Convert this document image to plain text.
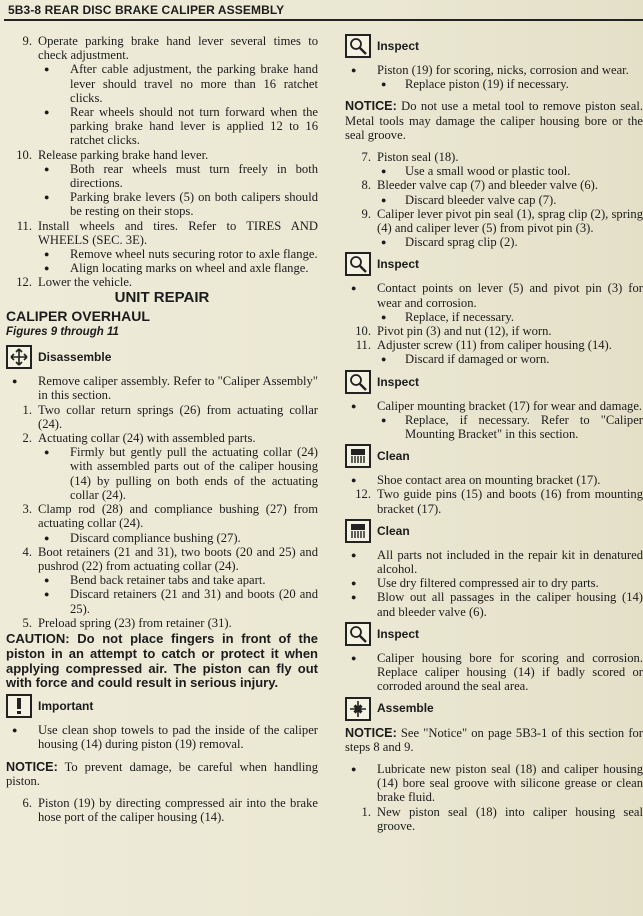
5B3-8 REAR DISC BRAKE CALIPER ASSEMBLY

9. Operate parking brake hand lever several times to check adjustment.

● After cable adjustment, the parking brake hand lever should travel no more than 16 ratchet clicks.

● Rear wheels should not turn forward when the parking brake hand lever is applied 12 to 16 ratchet clicks.

10. Release parking brake hand lever.

● Both rear wheels must turn freely in both directions.

● Parking brake levers (5) on both calipers should be resting on their stops.

11. Install wheels and tires. Refer to TIRES AND WHEELS (SEC. 3E).

● Remove wheel nuts securing rotor to axle flange.

● Align locating marks on wheel and axle flange.

12. Lower the vehicle.

UNIT REPAIR
CALIPER OVERHAUL
Figures 9 through 11
Disassemble

● Remove caliper assembly. Refer to "Caliper Assembly" in this section.

1. Two collar return springs (26) from actuating collar (24).

2. Actuating collar (24) with assembled parts.

● Firmly but gently pull the actuating collar (24) with assembled parts out of the caliper housing (14) by pulling on both ends of the actuating collar (24).

3. Clamp rod (28) and compliance bushing (27) from actuating collar (24).

● Discard compliance bushing (27).

4. Boot retainers (21 and 31), two boots (20 and 25) and pushrod (22) from actuating collar (24).

● Bend back retainer tabs and take apart.

● Discard retainers (21 and 31) and boots (20 and 25).

5. Preload spring (23) from retainer (31).

CAUTION: Do not place fingers in front of the piston in an attempt to catch or protect it when applying compressed air. The piston can fly out with force and could result in serious injury.

Important

● Use clean shop towels to pad the inside of the caliper housing (14) during piston (19) removal.

NOTICE: To prevent damage, be careful when handling piston.

6. Piston (19) by directing compressed air into the brake hose port of the caliper housing (14).

Inspect

● Piston (19) for scoring, nicks, corrosion and wear.

● Replace piston (19) if necessary.

NOTICE: Do not use a metal tool to remove piston seal. Metal tools may damage the caliper housing bore or the seal groove.

7. Piston seal (18).

● Use a small wood or plastic tool.

8. Bleeder valve cap (7) and bleeder valve (6).

● Discard bleeder valve cap (7).

9. Caliper lever pivot pin seal (1), sprag clip (2), spring (4) and caliper lever (5) from pivot pin (3).

● Discard sprag clip (2).

Inspect

● Contact points on lever (5) and pivot pin (3) for wear and corrosion.

● Replace, if necessary.

10. Pivot pin (3) and nut (12), if worn.

11. Adjuster screw (11) from caliper housing (14).

● Discard if damaged or worn.

Inspect

● Caliper mounting bracket (17) for wear and damage.

● Replace, if necessary. Refer to "Caliper Mounting Bracket" in this section.

Clean

● Shoe contact area on mounting bracket (17).

12. Two guide pins (15) and boots (16) from mounting bracket (17).

Clean

● All parts not included in the repair kit in denatured alcohol.

● Use dry filtered compressed air to dry parts.

● Blow out all passages in the caliper housing (14) and bleeder valve (6).

Inspect

● Caliper housing bore for scoring and corrosion. Replace caliper housing (14) if badly scored or corroded around the seal area.

Assemble

NOTICE: See "Notice" on page 5B3-1 of this section for steps 8 and 9.

● Lubricate new piston seal (18) and caliper housing (14) bore seal groove with silicone grease or clean brake fluid.

1. New piston seal (18) into caliper housing seal groove.
